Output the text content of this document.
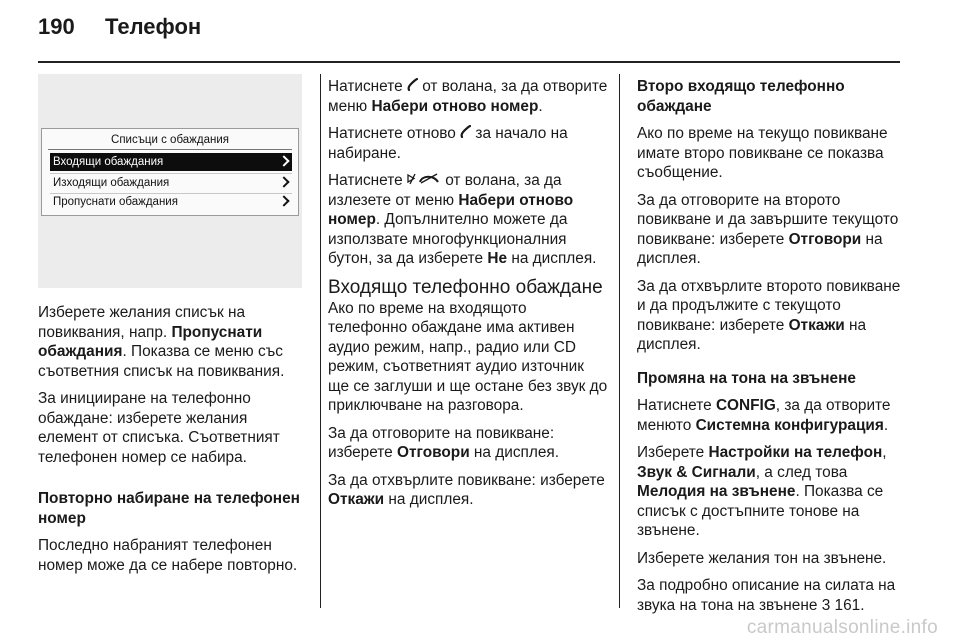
190 Телефон
Списъци с обаждания
Входящи обаждания
Изходящи обаждания
Пропуснати обаждания

Изберете желания списък на повиквания, напр. Пропуснати обаждания. Показва се меню със съответния списък на повиквания.

За иницииране на телефонно обаждане: изберете желания елемент от списъка. Съответният телефонен номер се набира.

Повторно набиране на телефонен номер

Последно набраният телефонен номер може да се набере повторно.

Натиснете  от волана, за да отворите меню Набери отново номер.

Натиснете отново  за начало на набиране.

Натиснете  от волана, за да излезете от меню Набери отново номер. Допълнително можете да използвате многофункционалния бутон, за да изберете Не на дисплея.

Входящо телефонно обаждане

Ако по време на входящото телефонно обаждане има активен аудио режим, напр., радио или CD режим, съответният аудио източник ще се заглуши и ще остане без звук до приключване на разговора.

За да отговорите на повикване: изберете Отговори на дисплея.

За да отхвърлите повикване: изберете Откажи на дисплея.

Второ входящо телефонно обаждане

Ако по време на текущо повикване имате второ повикване се показва съобщение.

За да отговорите на второто повикване и да завършите текущото повикване: изберете Отговори на дисплея.

За да отхвърлите второто повикване и да продължите с текущото повикване: изберете Откажи на дисплея.

Промяна на тона на звънене

Натиснете CONFIG, за да отворите менюто Системна конфигурация.

Изберете Настройки на телефон, Звук & Сигнали, а след това Мелодия на звънене. Показва се списък с достъпните тонове на звънене.

Изберете желания тон на звънене.

За подробно описание на силата на звука на тона на звънене 3 161.

carmanualsonline.info
